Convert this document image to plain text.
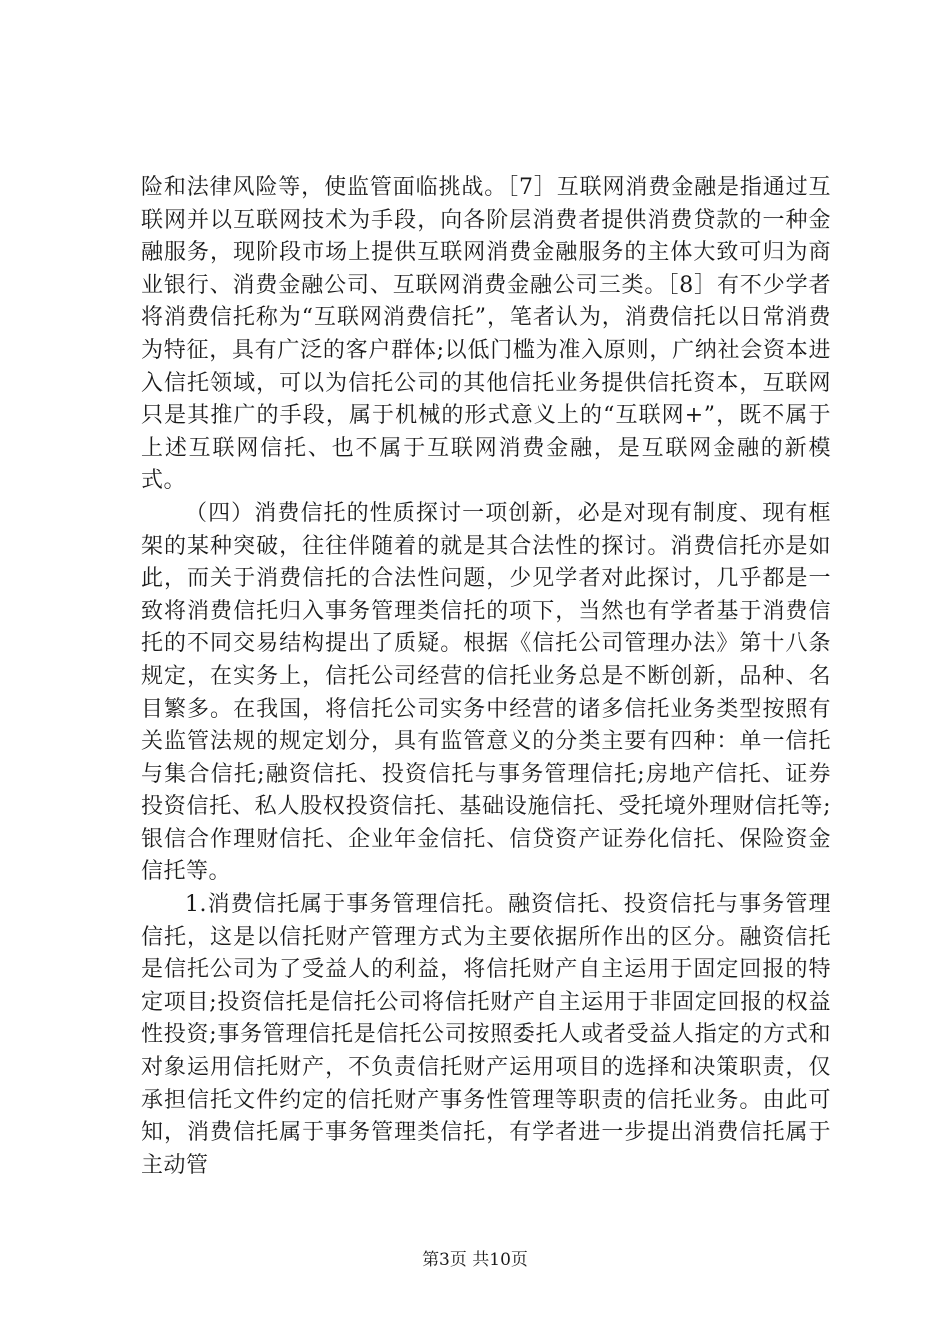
险和法律风险等，使监管面临挑战。［7］互联网消费金融是指通过互联网并以互联网技术为手段，向各阶层消费者提供消费贷款的一种金融服务，现阶段市场上提供互联网消费金融服务的主体大致可归为商业银行、消费金融公司、互联网消费金融公司三类。［8］有不少学者将消费信托称为“互联网消费信托”，笔者认为，消费信托以日常消费为特征，具有广泛的客户群体;以低门槛为准入原则，广纳社会资本进入信托领域，可以为信托公司的其他信托业务提供信托资本，互联网只是其推广的手段，属于机械的形式意义上的“互联网+”，既不属于上述互联网信托、也不属于互联网消费金融，是互联网金融的新模式。

（四）消费信托的性质探讨一项创新，必是对现有制度、现有框架的某种突破，往往伴随着的就是其合法性的探讨。消费信托亦是如此，而关于消费信托的合法性问题，少见学者对此探讨，几乎都是一致将消费信托归入事务管理类信托的项下，当然也有学者基于消费信托的不同交易结构提出了质疑。根据《信托公司管理办法》第十八条规定，在实务上，信托公司经营的信托业务总是不断创新，品种、名目繁多。在我国，将信托公司实务中经营的诸多信托业务类型按照有关监管法规的规定划分，具有监管意义的分类主要有四种：单一信托与集合信托;融资信托、投资信托与事务管理信托;房地产信托、证券投资信托、私人股权投资信托、基础设施信托、受托境外理财信托等;银信合作理财信托、企业年金信托、信贷资产证券化信托、保险资金信托等。

1.消费信托属于事务管理信托。融资信托、投资信托与事务管理信托，这是以信托财产管理方式为主要依据所作出的区分。融资信托是信托公司为了受益人的利益，将信托财产自主运用于固定回报的特定项目;投资信托是信托公司将信托财产自主运用于非固定回报的权益性投资;事务管理信托是信托公司按照委托人或者受益人指定的方式和对象运用信托财产，不负责信托财产运用项目的选择和决策职责，仅承担信托文件约定的信托财产事务性管理等职责的信托业务。由此可知，消费信托属于事务管理类信托，有学者进一步提出消费信托属于主动管

第3页 共10页
